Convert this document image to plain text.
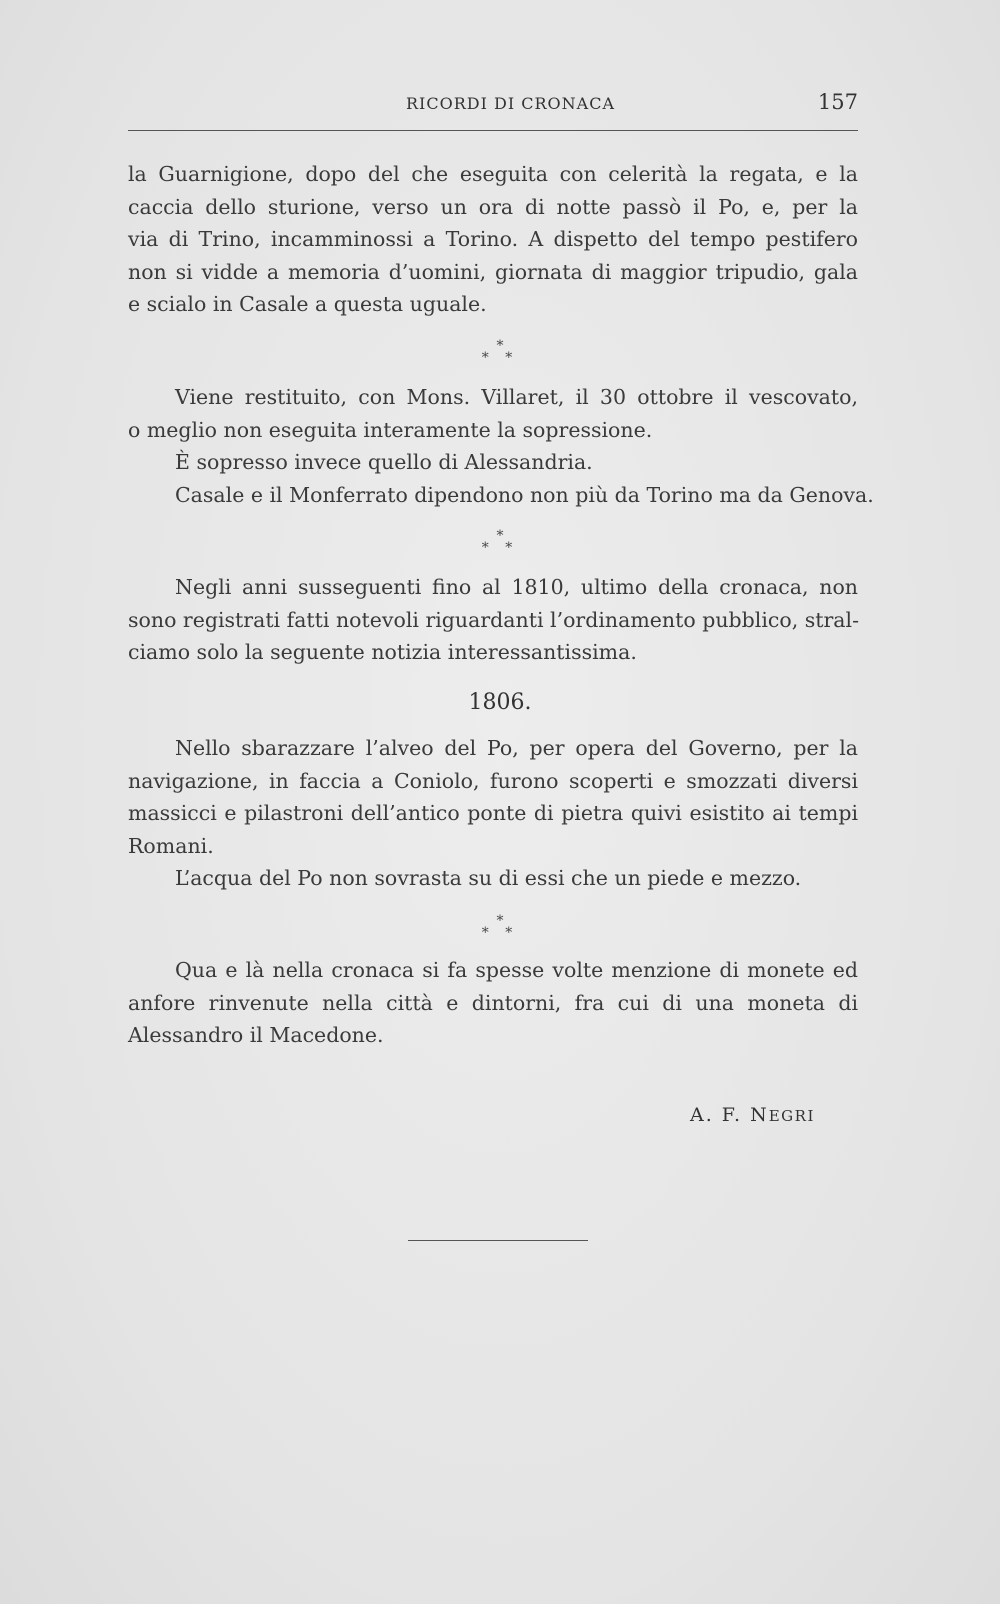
RICORDI DI CRONACA	157
la Guarnigione, dopo del che eseguita con celerità la regata, e la
caccia dello sturione, verso un ora di notte passò il Po, e, per la
via di Trino, incamminossi a Torino. A dispetto del tempo pestifero
non si vidde a memoria d’uomini, giornata di maggior tripudio, gala
e scialo in Casale a questa uguale.
*
* *
Viene restituito, con Mons. Villaret, il 30 ottobre il vescovato,
o meglio non eseguita interamente la sopressione.
È sopresso invece quello di Alessandria.
Casale e il Monferrato dipendono non più da Torino ma da Genova.
*
* *
Negli anni susseguenti fino al 1810, ultimo della cronaca, non
sono registrati fatti notevoli riguardanti l’ordinamento pubblico, stral-
ciamo solo la seguente notizia interessantissima.
1806.
Nello sbarazzare l’alveo del Po, per opera del Governo, per la
navigazione, in faccia a Coniolo, furono scoperti e smozzati diversi
massicci e pilastroni dell’antico ponte di pietra quivi esistito ai tempi
Romani.
L’acqua del Po non sovrasta su di essi che un piede e mezzo.
*
* *
Qua e là nella cronaca si fa spesse volte menzione di monete ed
anfore rinvenute nella città e dintorni, fra cui di una moneta di
Alessandro il Macedone.
A. F. NEGRI
